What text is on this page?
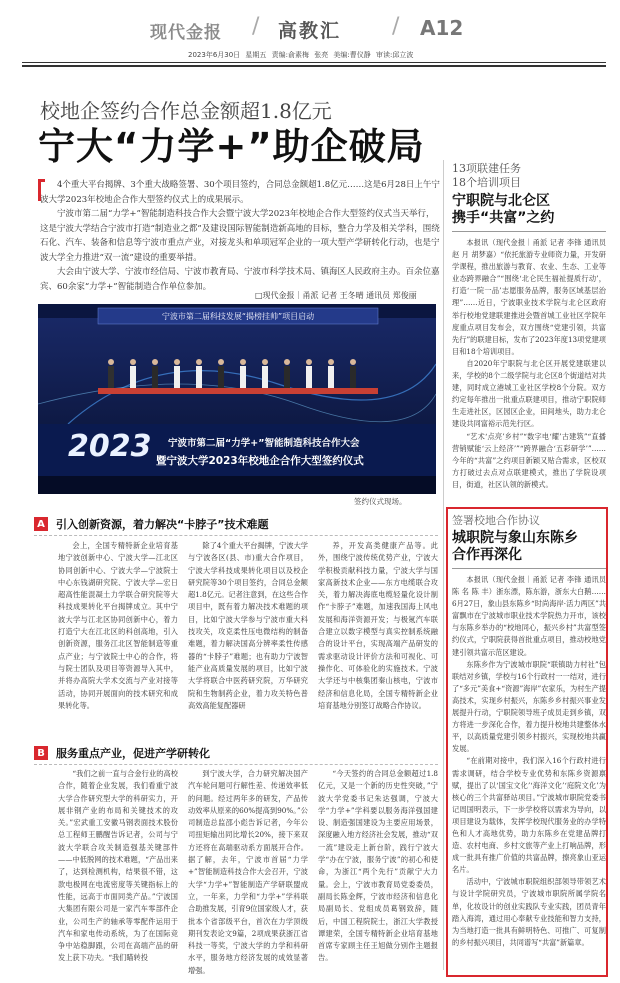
现代金报 / 高教汇 / A12
2023年6月30日 星期五 责编:俞素梅 张亮 美编:曹仪静 审读:邱立波
校地企签约合作总金额超1.8亿元
宁大“力学+”助企破局

4个重大平台揭牌、3个重大战略签署、30个项目签约，合同总金额超1.8亿元……这是6月28日上午宁波大学2023年校地企合作大型签约仪式上的成果展示。

宁波市第二届“力学+”智能制造科技合作大会暨宁波大学2023年校地企合作大型签约仪式当天举行，这是宁波大学结合宁波市打造“制造业之都”及建设国际智能制造新高地的目标，整合力学及相关学科，围绕石化、汽车、装备和信息等宁波市重点产业，对接龙头和单项冠军企业的一项大型产学研转化行动，也是宁波大学全力推进“双一流”建设的重要举措。

大会由宁波大学、宁波市经信局、宁波市教育局、宁波市科学技术局、镇海区人民政府主办。百余位嘉宾、60余家“力学+”智能制造合作单位参加。

□现代金报｜甬派 记者 王冬晴 通讯员 郑俊丽
宁波市第二届科技发展“揭榜挂帅”项目启动
2023 宁波市第二届“力学+”智能制造科技合作大会
暨宁波大学2023年校地企合作大型签约仪式
签约仪式现场。
A 引入创新资源，着力解决“卡脖子”技术难题

会上，全国专精特新企业培育基地宁波创新中心、宁波大学—江北区协同创新中心、宁波大学—宁波院士中心东钱湖研究院、宁波大学—宏日超高性能混凝土力学联合研究院等大科技成果转化平台揭牌成立。其中宁波大学与江北区协同创新中心，着力打造宁大在江北区的科创高地，引入创新资源，服务江北区智能制造等重点产业；与宁波院士中心的合作，将与院士团队及项目等资源导入其中，并将办高院大学术交流与产业对接等活动，协同开展面向的技术研究和成果转化等。

除了4个重大平台揭牌，宁波大学与宁波各区(县、市)重大合作项目，宁波大学科技成果转化项目以及校企研究院等30个项目签约，合同总金额超1.8亿元。记者注意到，在这些合作项目中，既有着力解决技术难题的项目，比如宁波大学参与宁波市重大科技攻关，攻克柔性压电微结构的制备难题，着力解决国高分辨率柔性传感器的“卡脖子”难题；也有助力宁波智能产业高质量发展的项目，比如宁波大学将联合中医药研究院，万华研究院和生物制药企业，着力攻关特色普高效高能复配器研

养，开发高类健康产品等。此外，围绕宁波传统优势产业，宁波大学积极贡献科技力量，宁波大学与国家高新技术企业——东方电缆联合攻关，着力解决海底电缆轻量化设计制作“卡脖子”难题，加速我国海上风电发展和海洋资源开发；与极氪汽车联合建立以数字模型与真实控制系统融合的设计平台，实现高端产品研发的需求驱动设计评价方法和可视化、可操作化、可体验化的实施技术。宁波大学还与中核集团秦山核电，宁波市经济和信息化局，全国专精特新企业培育基地分别签订战略合作协议。

B 服务重点产业，促进产学研转化

“我们之前一直与合金行业的高校合作，随着企业发展，我们看重宁波大学合作研究型大学的科研实力，开展非钢产业的布局和关键技术的攻关。”宏武重工安徽马钢表面技术股份总工程师王鹏醒告诉记者，公司与宁波大学联合攻关制造强基关键部件——中低脱网的技术难题，“产品出来了，达到检测机构，结果很不错，这款电极网在电流密度等关键指标上的性能，远高于市面同类产品。”宁波国大集团有限公司是一家汽车零部件企业，公司生产的轴承等零配件运用于汽车和家电传动系统，为了在国际竞争中站稳脚跟，公司在高端产品的研发上获下功夫。“我们瞄转投

到宁波大学，合力研究解决国产汽车轮问题可行解性差、传递效率低的问题。经过两年多的研发，产品传动效率从原来的60%提高到90%。”公司制造总监邵小彪告诉记者，今年公司扭矩输出同比增长20%，接下来双方还将在高端驱动系方面展开合作。据了解，去年，宁波市首届“力学+”智能制造科技合作大会召开，宁波大学“力学+”智能制造产学研联盟成立，一年来，力学和“力学+”学科联合助推发展，引育9位国家级人才，获批本个省部级平台，首次在力学顶级期刊发表论文9篇，2项成果获浙江省科技一等奖，宁波大学的力学和科研水平，服务地方经济发展的成效显著增强。

“今天签约的合同总金额超过1.8亿元，又是一个新的历史性突破，”宁波大学党委书记朱达强调，宁波大学“力学+”学科要以服务海洋强国建设、制造强国建设为主要应用场景，深度融入地方经济社会发展，推动“双一流”建设走上新台阶，践行宁波大学“办在宁波，服务宁波”的初心和使命，为浙江“两个先行”贡献宁大力量。会上，宁波市教育局党委委员，副局长陈金辉，宁波市经济和信息化局副局长、党组成员葛钢致辞，随后，中国工程院院士，浙江大学教授谭建荣，全国专精特新企业培育基地首席专家顾主任王旭做分别作主题报告。

13项联建任务
18个培训项目
宁职院与北仑区
携手“共富”之约

本报讯（现代金报｜甬派 记者 李锋 通讯员 赵 月 胡梦嘉）“依托旅游专业师资力量，开发研学课程，推出旅游与教育、农业、生态、工业等业态跨界融合”“围绕‘北仑民生福祉提质行动’，打造‘一院一品’志愿服务品牌，服务区域基层治理”……近日，宁波职业技术学院与北仑区政府举行校地党建联建推进会暨首城工业社区学院年度重点项目发布会，双方围绕“党建引领，共富先行”的联建目标，发布了2023年度13项党建项目和18个培训项目。

自2020年宁职院与北仑区开展党建联建以来，学校的8个二级学院与北仑区8个街道结对共建，同时成立港城工业社区学校8个分院。双方约定每年推出一批重点联建项目，推动宁职院师生走进社区，区园区企业，田间地头，助力北仑建设共同富裕示范先行区。

“艺术‘点亮’乡村”“数字电‘耀’古建筑”“直播营销赋能‘云上经济’”“跨界融合‘五彩研学’”……今年的“共富”之约项目新颖又贴合需求，区校双方打破过去点对点联建模式，推出了学院设项目，街道，社区认领的新模式。

签署校地合作协议
城职院与象山东陈乡
合作再深化

本报讯（现代金报｜甬派 记者 李锋 通讯员 陈 名 陈 丰）浙东漂，陈东游，浙东大白鹅……6月27日，象山县东陈乡“时尚海岸·活力两区”共富飘市在宁波城市职业技术学院热力开市，该校与东陈乡举办的“校地同心，振兴乡村”共富型签约仪式，宁职院获得首批重点项目，推动校地党建引领共富示范区建设。

东陈乡作为宁波城市职院“联镇助力村社”包联结对乡镇，学校与16个行政村一一结对，进行了“多元”美食+“资源”海岸”农家乐，为村生产提高技术，实现乡村振兴，东陈乡乡村振兴事业发展提升行动，宁职院领导班子成员走到乡镇，双方将进一步深化合作，着力提升校地共建整体水平，以高质量党建引领乡村振兴，实现校地共赢发展。

“在前期对接中，我们深入16个行政村进行需求调研，结合学校专业优势和东陈乡资源禀赋，提出了以‘国宝文化’‘海洋文化’‘庭院文化’为核心的三个共富驿站项目。”宁波城市职院党委书记周国明表示，下一步学校将以需求为导向，以项目建设为载体，发挥学校现代服务业的办学特色和人才高地优势，助力东陈乡在党建品牌打造、农村电商、乡村文旅等产业上打响品牌，形成一批具有推广价值的共富品牌，擦亮象山亚运名片。

活动中，宁波城市职院组织部领导带领艺术与设计学院研究员，宁波城市职院所属学院名单，化妆设计的创业实践队专业实践，团员青年踏入海湾，通过用心奉献专业技能和智力支持，为当地打造一批具有鲜明特色、可推广、可复制的乡村振兴项目，共同谱写“共富”新篇章。
